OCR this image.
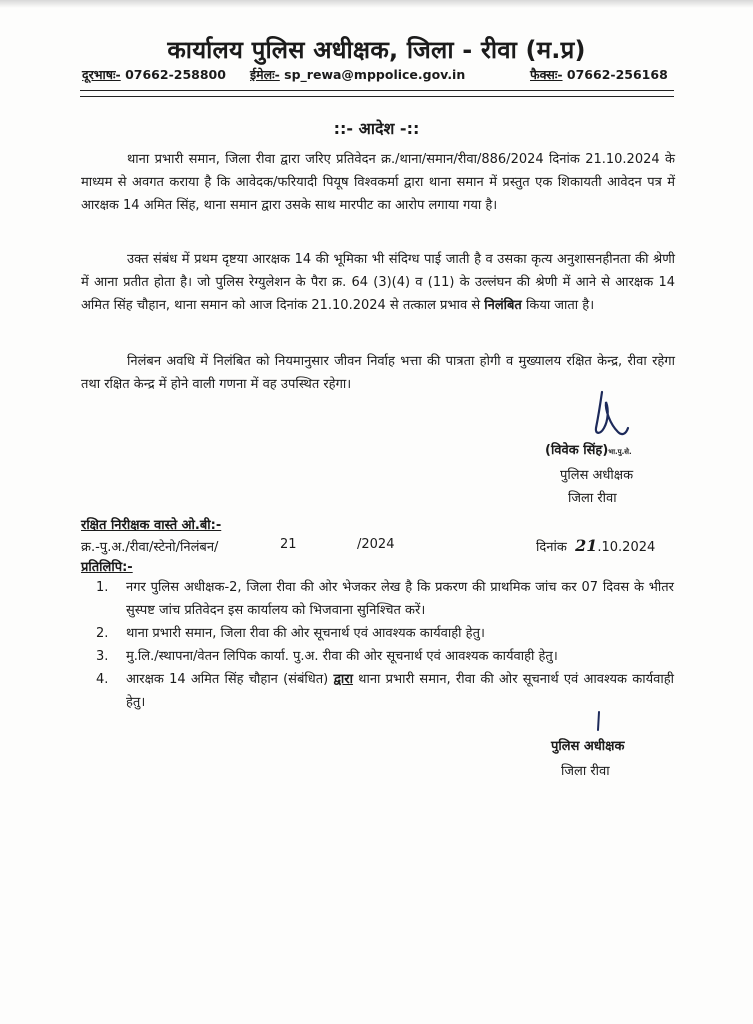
कार्यालय पुलिस अधीक्षक, जिला - रीवा (म.प्र)
दूरभाषः- 07662-258800 ईमेलः- sp_rewa@mppolice.gov.in	फैक्सः- 07662-256168
::- आदेश -::
थाना प्रभारी समान, जिला रीवा द्वारा जरिए प्रतिवेदन क्र./थाना/समान/रीवा/886/2024 दिनांक 21.10.2024 के माध्यम से अवगत कराया है कि आवेदक/फरियादी पियूष विश्वकर्मा द्वारा थाना समान में प्रस्तुत एक शिकायती आवेदन पत्र में आरक्षक 14 अमित सिंह, थाना समान द्वारा उसके साथ मारपीट का आरोप लगाया गया है।
उक्त संबंध में प्रथम दृष्टया आरक्षक 14 की भूमिका भी संदिग्ध पाई जाती है व उसका कृत्य अनुशासनहीनता की श्रेणी में आना प्रतीत होता है। जो पुलिस रेग्युलेशन के पैरा क्र. 64 (3)(4) व (11) के उल्लंघन की श्रेणी में आने से आरक्षक 14 अमित सिंह चौहान, थाना समान को आज दिनांक 21.10.2024 से तत्काल प्रभाव से निलंबित किया जाता है।
निलंबन अवधि में निलंबित को नियमानुसार जीवन निर्वाह भत्ता की पात्रता होगी व मुख्यालय रक्षित केन्द्र, रीवा रहेगा तथा रक्षित केन्द्र में होने वाली गणना में वह उपस्थित रहेगा।
(विवेक सिंह)भा.पु.से.
पुलिस अधीक्षक
जिला रीवा
रक्षित निरीक्षक वास्ते ओ.बी:-
क्र.-पु.अ./रीवा/स्टेनो/निलंबन/	21	/2024	दिनांक 21.10.2024
प्रतिलिपि:-
1. नगर पुलिस अधीक्षक-2, जिला रीवा की ओर भेजकर लेख है कि प्रकरण की प्राथमिक जांच कर 07 दिवस के भीतर सुस्पष्ट जांच प्रतिवेदन इस कार्यालय को भिजवाना सुनिश्चित करें।
2. थाना प्रभारी समान, जिला रीवा की ओर सूचनार्थ एवं आवश्यक कार्यवाही हेतु।
3. मु.लि./स्थापना/वेतन लिपिक कार्या. पु.अ. रीवा की ओर सूचनार्थ एवं आवश्यक कार्यवाही हेतु।
4. आरक्षक 14 अमित सिंह चौहान (संबंधित) द्वारा थाना प्रभारी समान, रीवा की ओर सूचनार्थ एवं आवश्यक कार्यवाही हेतु।
पुलिस अधीक्षक
जिला रीवा
